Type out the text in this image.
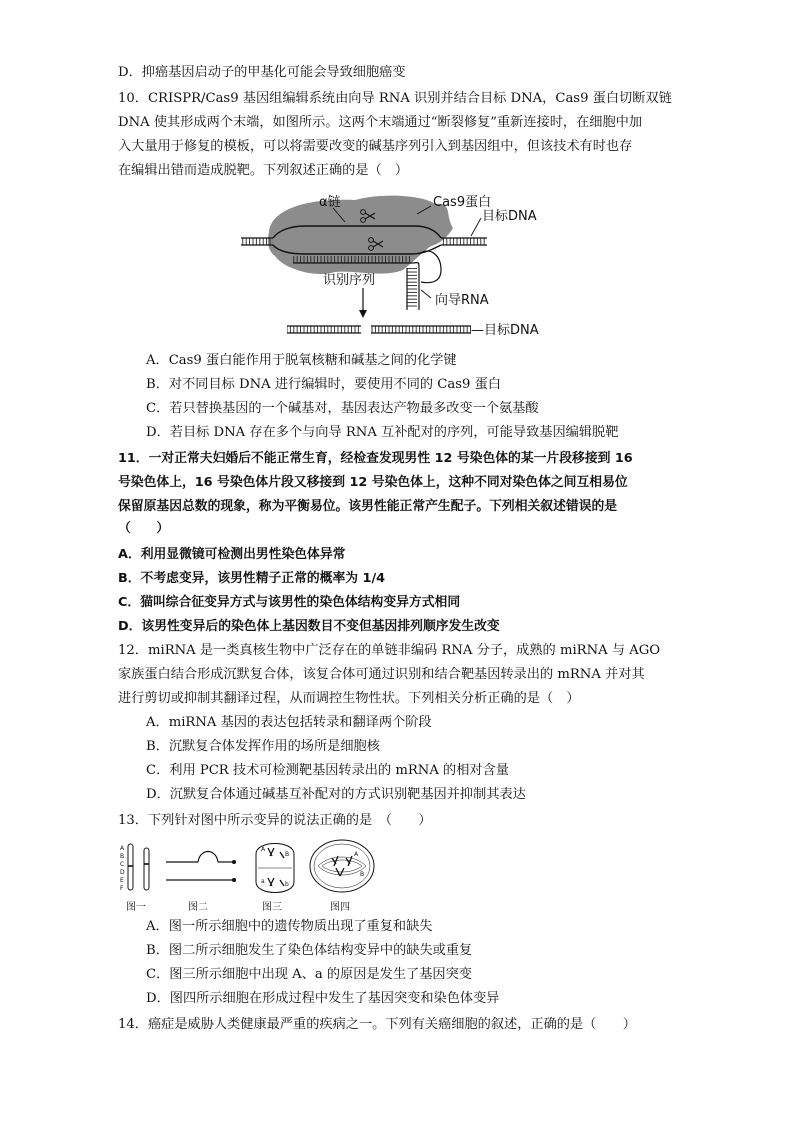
D．抑癌基因启动子的甲基化可能会导致细胞癌变
10．CRISPR/Cas9 基因组编辑系统由向导 RNA 识别并结合目标 DNA，Cas9 蛋白切断双链
DNA 使其形成两个末端，如图所示。这两个末端通过“断裂修复”重新连接时，在细胞中加
入大量用于修复的模板，可以将需要改变的碱基序列引入到基因组中，但该技术有时也存
在编辑出错而造成脱靶。下列叙述正确的是（　）
α链	Cas9蛋白
目标DNA
识别序列
向导RNA
—目标DNA
A．Cas9 蛋白能作用于脱氧核糖和碱基之间的化学键
B．对不同目标 DNA 进行编辑时，要使用不同的 Cas9 蛋白
C．若只替换基因的一个碱基对，基因表达产物最多改变一个氨基酸
D．若目标 DNA 存在多个与向导 RNA 互补配对的序列，可能导致基因编辑脱靶
11．一对正常夫妇婚后不能正常生育，经检查发现男性 12 号染色体的某一片段移接到 16
号染色体上，16 号染色体片段又移接到 12 号染色体上，这种不同对染色体之间互相易位
保留原基因总数的现象，称为平衡易位。该男性能正常产生配子。下列相关叙述错误的是
（　　）
A．利用显微镜可检测出男性染色体异常
B．不考虑变异，该男性精子正常的概率为 1/4
C．猫叫综合征变异方式与该男性的染色体结构变异方式相同
D．该男性变异后的染色体上基因数目不变但基因排列顺序发生改变
12．miRNA 是一类真核生物中广泛存在的单链非编码 RNA 分子，成熟的 miRNA 与 AGO
家族蛋白结合形成沉默复合体，该复合体可通过识别和结合靶基因转录出的 mRNA 并对其
进行剪切或抑制其翻译过程，从而调控生物性状。下列相关分析正确的是（　）
A．miRNA 基因的表达包括转录和翻译两个阶段
B．沉默复合体发挥作用的场所是细胞核
C．利用 PCR 技术可检测靶基因转录出的 mRNA 的相对含量
D．沉默复合体通过碱基互补配对的方式识别靶基因并抑制其表达
13．下列针对图中所示变异的说法正确的是　（　　）
A
B
C
D
E
F
A
B
a	b
A
B
图一	图二	图三	图四
A．图一所示细胞中的遗传物质出现了重复和缺失
B．图二所示细胞发生了染色体结构变异中的缺失或重复
C．图三所示细胞中出现 A、a 的原因是发生了基因突变
D．图四所示细胞在形成过程中发生了基因突变和染色体变异
14．癌症是威胁人类健康最严重的疾病之一。下列有关癌细胞的叙述，正确的是（　　）
